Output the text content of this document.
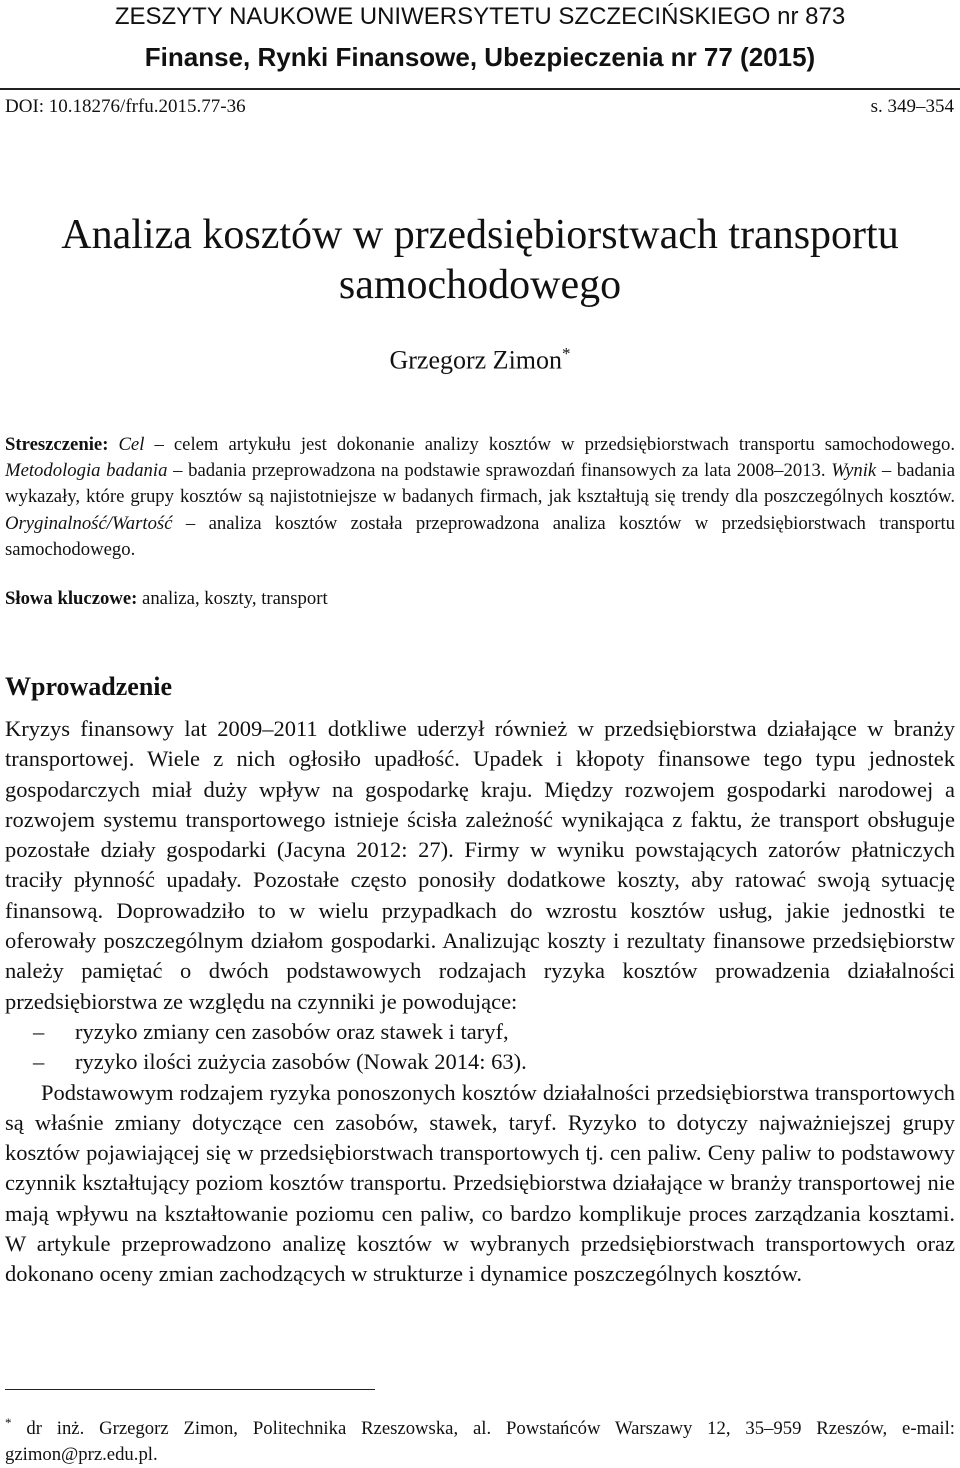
ZESZYTY NAUKOWE UNIWERSYTETU SZCZECIŃSKIEGO nr 873
Finanse, Rynki Finansowe, Ubezpieczenia nr 77 (2015)
DOI: 10.18276/frfu.2015.77-36	s. 349–354
Analiza kosztów w przedsiębiorstwach transportu
samochodowego
Grzegorz Zimon*

Streszczenie: Cel – celem artykułu jest dokonanie analizy kosztów w przedsiębiorstwach transportu samochodowego. Metodologia badania – badania przeprowadzona na podstawie sprawozdań finansowych za lata 2008–2013. Wynik – badania wykazały, które grupy kosztów są najistotniejsze w badanych firmach, jak kształtują się trendy dla poszczególnych kosztów. Oryginalność/Wartość – analiza kosztów została przeprowadzona analiza kosztów w przedsiębiorstwach transportu samochodowego.

Słowa kluczowe: analiza, koszty, transport

Wprowadzenie

Kryzys finansowy lat 2009–2011 dotkliwe uderzył również w przedsiębiorstwa działające w branży transportowej. Wiele z nich ogłosiło upadłość. Upadek i kłopoty finansowe tego typu jednostek gospodarczych miał duży wpływ na gospodarkę kraju. Między rozwojem gospodarki narodowej a rozwojem systemu transportowego istnieje ścisła zależność wynikająca z faktu, że transport obsługuje pozostałe działy gospodarki (Jacyna 2012: 27). Firmy w wyniku powstających zatorów płatniczych traciły płynność upadały. Pozostałe często ponosiły dodatkowe koszty, aby ratować swoją sytuację finansową. Doprowadziło to w wielu przypadkach do wzrostu kosztów usług, jakie jednostki te oferowały poszczególnym działom gospodarki. Analizując koszty i rezultaty finansowe przedsiębiorstw należy pamiętać o dwóch podstawowych rodzajach ryzyka kosztów prowadzenia działalności przedsiębiorstwa ze względu na czynniki je powodujące:

–	ryzyko zmiany cen zasobów oraz stawek i taryf,
–	ryzyko ilości zużycia zasobów (Nowak 2014: 63).

Podstawowym rodzajem ryzyka ponoszonych kosztów działalności przedsiębiorstwa transportowych są właśnie zmiany dotyczące cen zasobów, stawek, taryf. Ryzyko to dotyczy najważniejszej grupy kosztów pojawiającej się w przedsiębiorstwach transportowych tj. cen paliw. Ceny paliw to podstawowy czynnik kształtujący poziom kosztów transportu. Przedsiębiorstwa działające w branży transportowej nie mają wpływu na kształtowanie poziomu cen paliw, co bardzo komplikuje proces zarządzania kosztami. W artykule przeprowadzono analizę kosztów w wybranych przedsiębiorstwach transportowych oraz dokonano oceny zmian zachodzących w strukturze i dynamice poszczególnych kosztów.

* dr inż. Grzegorz Zimon, Politechnika Rzeszowska, al. Powstańców Warszawy 12, 35–959 Rzeszów, e-mail: gzimon@prz.edu.pl.
